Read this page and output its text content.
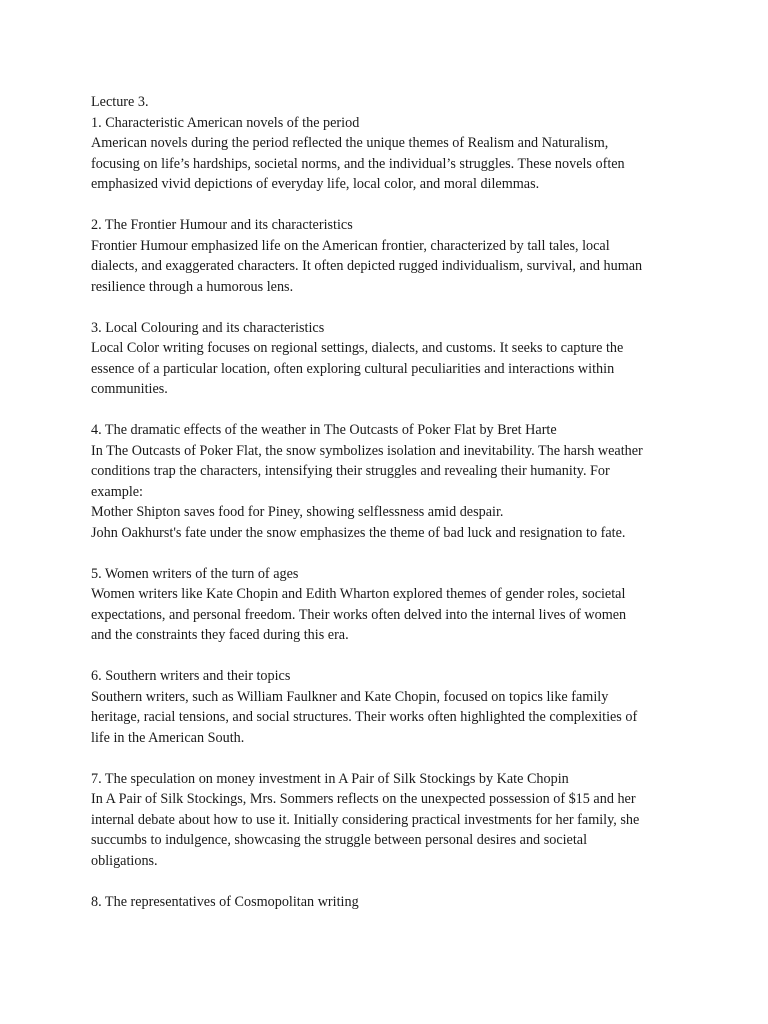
Lecture 3.
1. Characteristic American novels of the period
American novels during the period reflected the unique themes of Realism and Naturalism,
focusing on life’s hardships, societal norms, and the individual’s struggles. These novels often
emphasized vivid depictions of everyday life, local color, and moral dilemmas.
2. The Frontier Humour and its characteristics
Frontier Humour emphasized life on the American frontier, characterized by tall tales, local
dialects, and exaggerated characters. It often depicted rugged individualism, survival, and human
resilience through a humorous lens.
3. Local Colouring and its characteristics
Local Color writing focuses on regional settings, dialects, and customs. It seeks to capture the
essence of a particular location, often exploring cultural peculiarities and interactions within
communities.
4. The dramatic effects of the weather in The Outcasts of Poker Flat by Bret Harte
In The Outcasts of Poker Flat, the snow symbolizes isolation and inevitability. The harsh weather
conditions trap the characters, intensifying their struggles and revealing their humanity. For
example:
Mother Shipton saves food for Piney, showing selflessness amid despair.
John Oakhurst's fate under the snow emphasizes the theme of bad luck and resignation to fate.
5. Women writers of the turn of ages
Women writers like Kate Chopin and Edith Wharton explored themes of gender roles, societal
expectations, and personal freedom. Their works often delved into the internal lives of women
and the constraints they faced during this era.
6. Southern writers and their topics
Southern writers, such as William Faulkner and Kate Chopin, focused on topics like family
heritage, racial tensions, and social structures. Their works often highlighted the complexities of
life in the American South.
7. The speculation on money investment in A Pair of Silk Stockings by Kate Chopin
In A Pair of Silk Stockings, Mrs. Sommers reflects on the unexpected possession of $15 and her
internal debate about how to use it. Initially considering practical investments for her family, she
succumbs to indulgence, showcasing the struggle between personal desires and societal
obligations.
8. The representatives of Cosmopolitan writing
